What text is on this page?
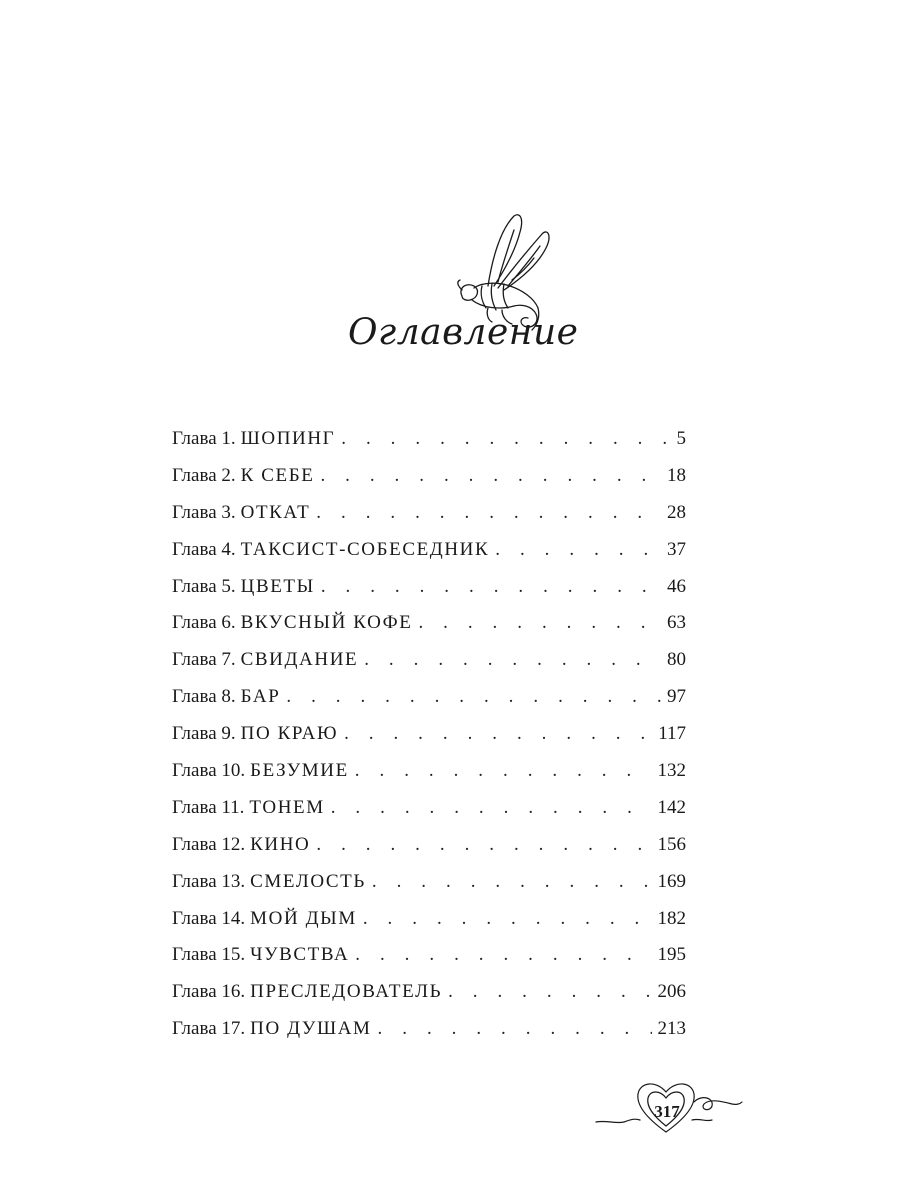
Оглавление
Глава 1. ШОПИНГ . . .	5
Глава 2. К СЕБЕ . . .	18
Глава 3. ОТКАТ . . .	28
Глава 4. ТАКСИСТ-СОБЕСЕДНИК . . .	37
Глава 5. ЦВЕТЫ . . .	46
Глава 6. ВКУСНЫЙ КОФЕ . . .	63
Глава 7. СВИДАНИЕ . . .	80
Глава 8. БАР . . .	97
Глава 9. ПО КРАЮ . . .	117
Глава 10. БЕЗУМИЕ . . .	132
Глава 11. ТОНЕМ . . .	142
Глава 12. КИНО . . .	156
Глава 13. СМЕЛОСТЬ . . .	169
Глава 14. МОЙ ДЫМ . . .	182
Глава 15. ЧУВСТВА . . .	195
Глава 16. ПРЕСЛЕДОВАТЕЛЬ . . .	206
Глава 17. ПО ДУШАМ . . .	213
317
